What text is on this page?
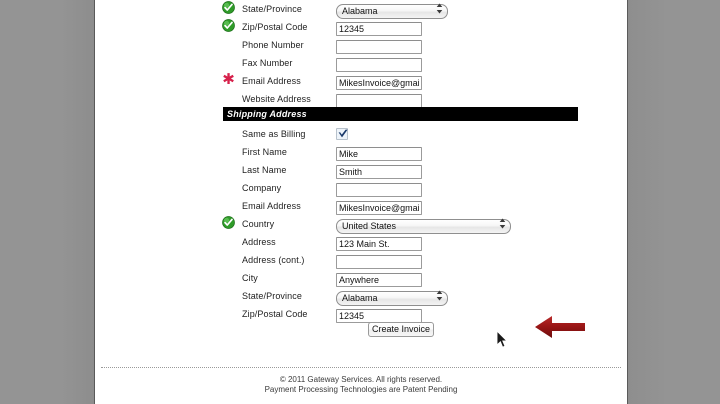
State/Province
Alabama
Zip/Postal Code
12345
Phone Number
Fax Number
✱ Email Address
MikesInvoice@gmail.cc
Website Address
Shipping Address
Same as Billing
First Name
Mike
Last Name
Smith
Company
Email Address
MikesInvoice@gmail.cc
Country
United States
Address
123 Main St.
Address (cont.)
City
Anywhere
State/Province
Alabama
Zip/Postal Code
12345
Create Invoice
© 2011 Gateway Services. All rights reserved.
Payment Processing Technologies are Patent Pending
